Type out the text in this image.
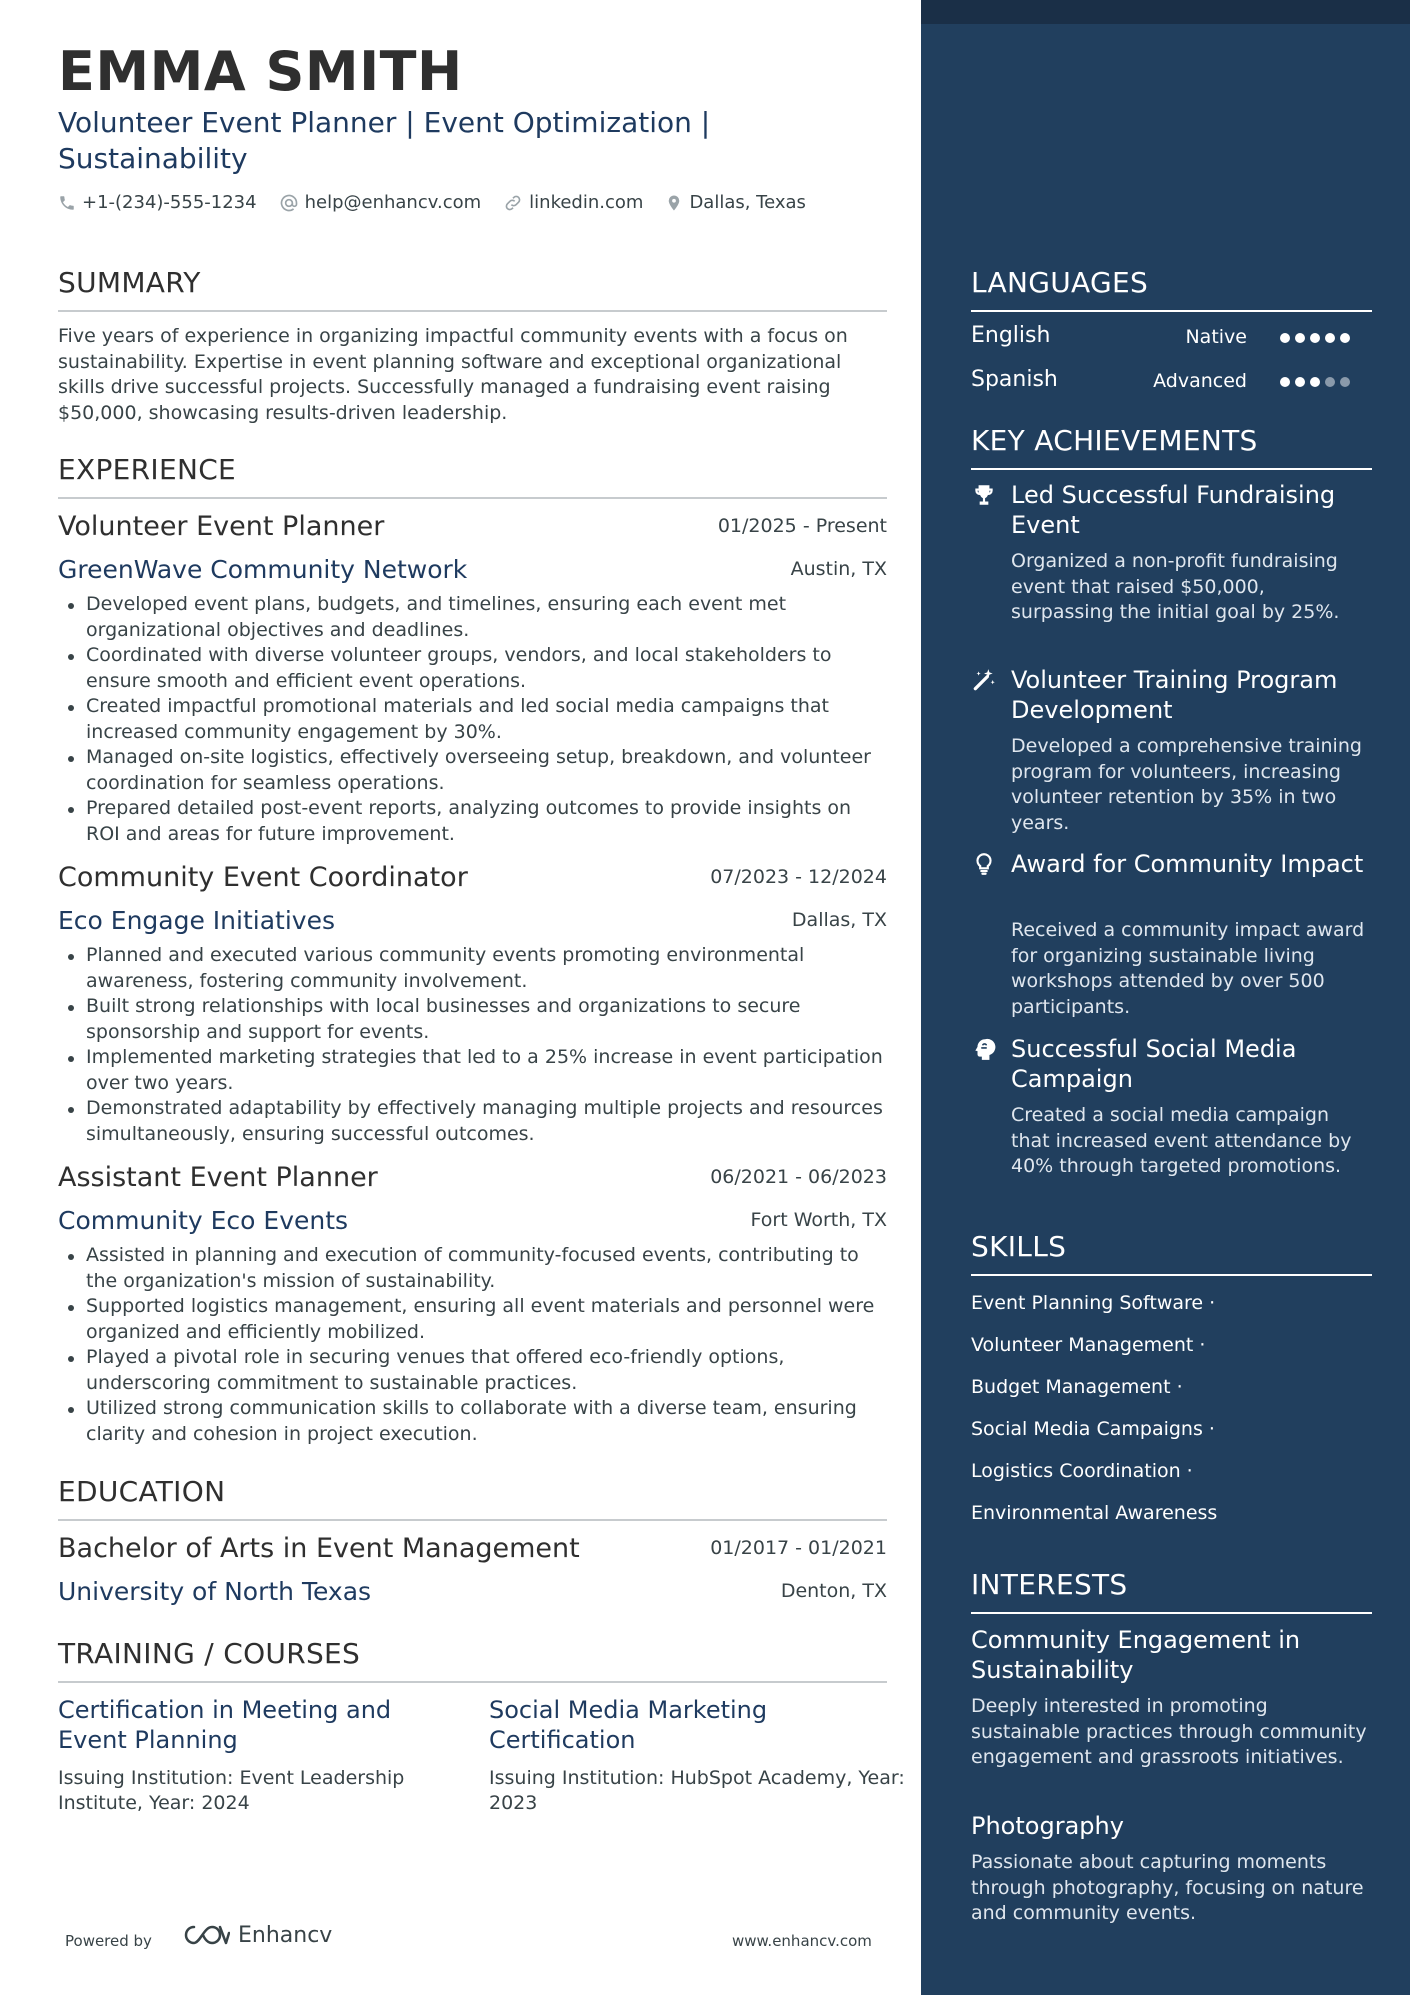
EMMA SMITH
Volunteer Event Planner | Event Optimization | Sustainability
+1-(234)-555-1234	help@enhancv.com	linkedin.com	Dallas, Texas
SUMMARY
Five years of experience in organizing impactful community events with a focus on sustainability. Expertise in event planning software and exceptional organizational skills drive successful projects. Successfully managed a fundraising event raising $50,000, showcasing results-driven leadership.
EXPERIENCE
Volunteer Event Planner	01/2025 - Present
GreenWave Community Network	Austin, TX
Developed event plans, budgets, and timelines, ensuring each event met organizational objectives and deadlines.
Coordinated with diverse volunteer groups, vendors, and local stakeholders to ensure smooth and efficient event operations.
Created impactful promotional materials and led social media campaigns that increased community engagement by 30%.
Managed on-site logistics, effectively overseeing setup, breakdown, and volunteer coordination for seamless operations.
Prepared detailed post-event reports, analyzing outcomes to provide insights on ROI and areas for future improvement.
Community Event Coordinator	07/2023 - 12/2024
Eco Engage Initiatives	Dallas, TX
Planned and executed various community events promoting environmental awareness, fostering community involvement.
Built strong relationships with local businesses and organizations to secure sponsorship and support for events.
Implemented marketing strategies that led to a 25% increase in event participation over two years.
Demonstrated adaptability by effectively managing multiple projects and resources simultaneously, ensuring successful outcomes.
Assistant Event Planner	06/2021 - 06/2023
Community Eco Events	Fort Worth, TX
Assisted in planning and execution of community-focused events, contributing to the organization's mission of sustainability.
Supported logistics management, ensuring all event materials and personnel were organized and efficiently mobilized.
Played a pivotal role in securing venues that offered eco-friendly options, underscoring commitment to sustainable practices.
Utilized strong communication skills to collaborate with a diverse team, ensuring clarity and cohesion in project execution.
EDUCATION
Bachelor of Arts in Event Management	01/2017 - 01/2021
University of North Texas	Denton, TX
TRAINING / COURSES
Certification in Meeting and Event Planning
Issuing Institution: Event Leadership Institute, Year: 2024
Social Media Marketing Certification
Issuing Institution: HubSpot Academy, Year: 2023
Powered by	Enhancv	www.enhancv.com
LANGUAGES
English	Native
Spanish	Advanced
KEY ACHIEVEMENTS
Led Successful Fundraising Event
Organized a non-profit fundraising event that raised $50,000, surpassing the initial goal by 25%.
Volunteer Training Program Development
Developed a comprehensive training program for volunteers, increasing volunteer retention by 35% in two years.
Award for Community Impact
Received a community impact award for organizing sustainable living workshops attended by over 500 participants.
Successful Social Media Campaign
Created a social media campaign that increased event attendance by 40% through targeted promotions.
SKILLS
Event Planning Software ·
Volunteer Management ·
Budget Management ·
Social Media Campaigns ·
Logistics Coordination ·
Environmental Awareness
INTERESTS
Community Engagement in Sustainability
Deeply interested in promoting sustainable practices through community engagement and grassroots initiatives.
Photography
Passionate about capturing moments through photography, focusing on nature and community events.
